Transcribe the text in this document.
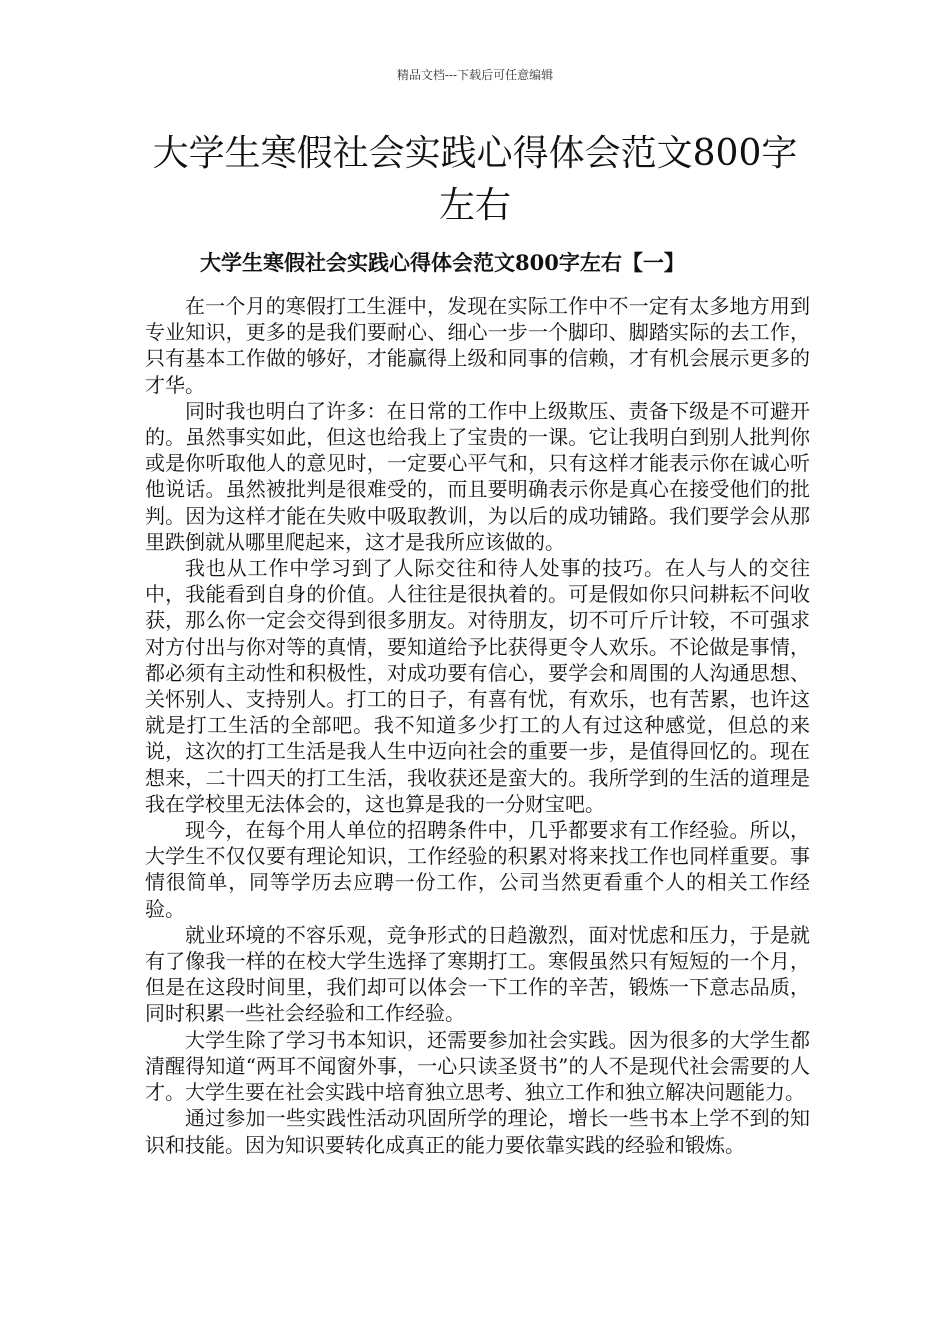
精品文档---下载后可任意编辑
大学生寒假社会实践心得体会范文800字左右
大学生寒假社会实践心得体会范文800字左右【一】

在一个月的寒假打工生涯中，发现在实际工作中不一定有太多地方用到专业知识，更多的是我们要耐心、细心一步一个脚印、脚踏实际的去工作，只有基本工作做的够好，才能赢得上级和同事的信赖，才有机会展示更多的才华。

同时我也明白了许多：在日常的工作中上级欺压、责备下级是不可避开的。虽然事实如此，但这也给我上了宝贵的一课。它让我明白到别人批判你或是你听取他人的意见时，一定要心平气和，只有这样才能表示你在诚心听他说话。虽然被批判是很难受的，而且要明确表示你是真心在接受他们的批判。因为这样才能在失败中吸取教训，为以后的成功铺路。我们要学会从那里跌倒就从哪里爬起来，这才是我所应该做的。

我也从工作中学习到了人际交往和待人处事的技巧。在人与人的交往中，我能看到自身的价值。人往往是很执着的。可是假如你只问耕耘不问收获，那么你一定会交得到很多朋友。对待朋友，切不可斤斤计较，不可强求对方付出与你对等的真情，要知道给予比获得更令人欢乐。不论做是事情，都必须有主动性和积极性，对成功要有信心，要学会和周围的人沟通思想、关怀别人、支持别人。打工的日子，有喜有忧，有欢乐，也有苦累，也许这就是打工生活的全部吧。我不知道多少打工的人有过这种感觉，但总的来说，这次的打工生活是我人生中迈向社会的重要一步，是值得回忆的。现在想来，二十四天的打工生活，我收获还是蛮大的。我所学到的生活的道理是我在学校里无法体会的，这也算是我的一分财宝吧。

现今，在每个用人单位的招聘条件中，几乎都要求有工作经验。所以，大学生不仅仅要有理论知识，工作经验的积累对将来找工作也同样重要。事情很简单，同等学历去应聘一份工作，公司当然更看重个人的相关工作经验。

就业环境的不容乐观，竞争形式的日趋激烈，面对忧虑和压力，于是就有了像我一样的在校大学生选择了寒期打工。寒假虽然只有短短的一个月，但是在这段时间里，我们却可以体会一下工作的辛苦，锻炼一下意志品质，同时积累一些社会经验和工作经验。

大学生除了学习书本知识，还需要参加社会实践。因为很多的大学生都清醒得知道“两耳不闻窗外事，一心只读圣贤书”的人不是现代社会需要的人才。大学生要在社会实践中培育独立思考、独立工作和独立解决问题能力。

通过参加一些实践性活动巩固所学的理论，增长一些书本上学不到的知识和技能。因为知识要转化成真正的能力要依靠实践的经验和锻炼。
